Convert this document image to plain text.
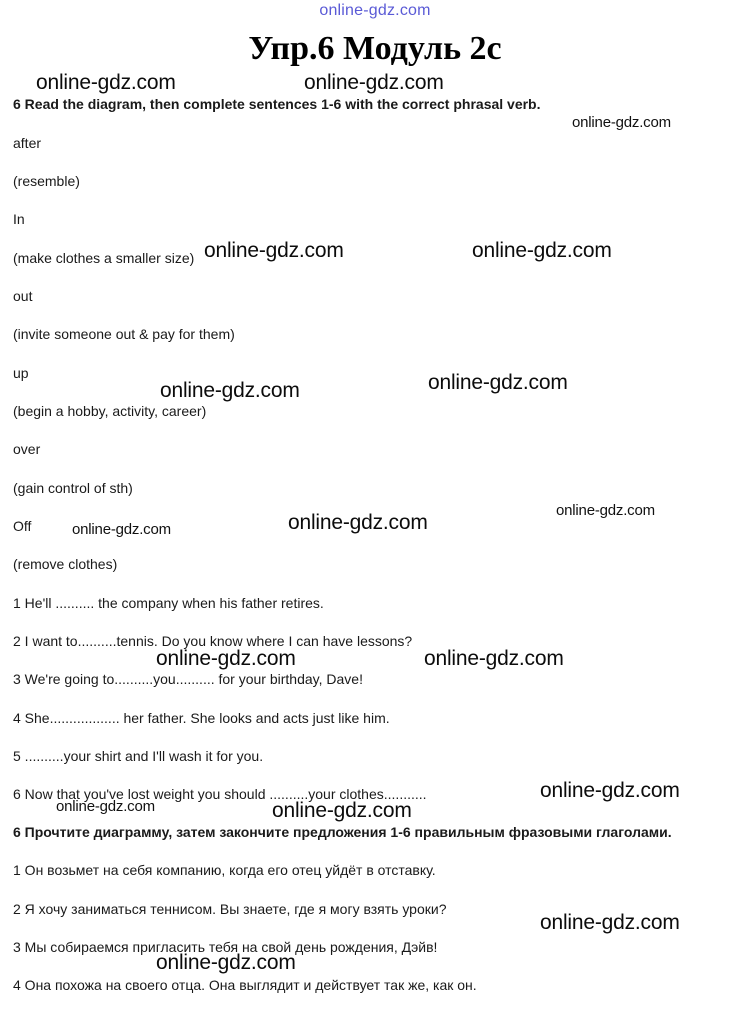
online-gdz.com
Упр.6 Модуль 2c
6 Read the diagram, then complete sentences 1-6 with the correct phrasal verb.
after
(resemble)
In
(make clothes a smaller size)
out
(invite someone out & pay for them)
up
(begin a hobby, activity, career)
over
(gain control of sth)
Off
(remove clothes)
1 He'll .......... the company when his father retires.
2 I want to..........tennis. Do you know where I can have lessons?
3 We're going to..........you.......... for your birthday, Dave!
4 She.................. her father. She looks and acts just like him.
5 ..........your shirt and I'll wash it for you.
6 Now that you've lost weight you should ..........your clothes...........
6 Прочтите диаграмму, затем закончите предложения 1-6 правильным фразовыми глаголами.
1 Он возьмет на себя компанию, когда его отец уйдёт в отставку.
2 Я хочу заниматься теннисом. Вы знаете, где я могу взять уроки?
3 Мы собираемся пригласить тебя на свой день рождения, Дэйв!
4 Она похожа на своего отца. Она выглядит и действует так же, как он.
online-gdz.com	online-gdz.com
online-gdz.com
online-gdz.com	online-gdz.com
online-gdz.com	online-gdz.com
online-gdz.com
online-gdz.com
online-gdz.com
online-gdz.com	online-gdz.com
online-gdz.com
online-gdz.com	online-gdz.com
online-gdz.com
online-gdz.com
